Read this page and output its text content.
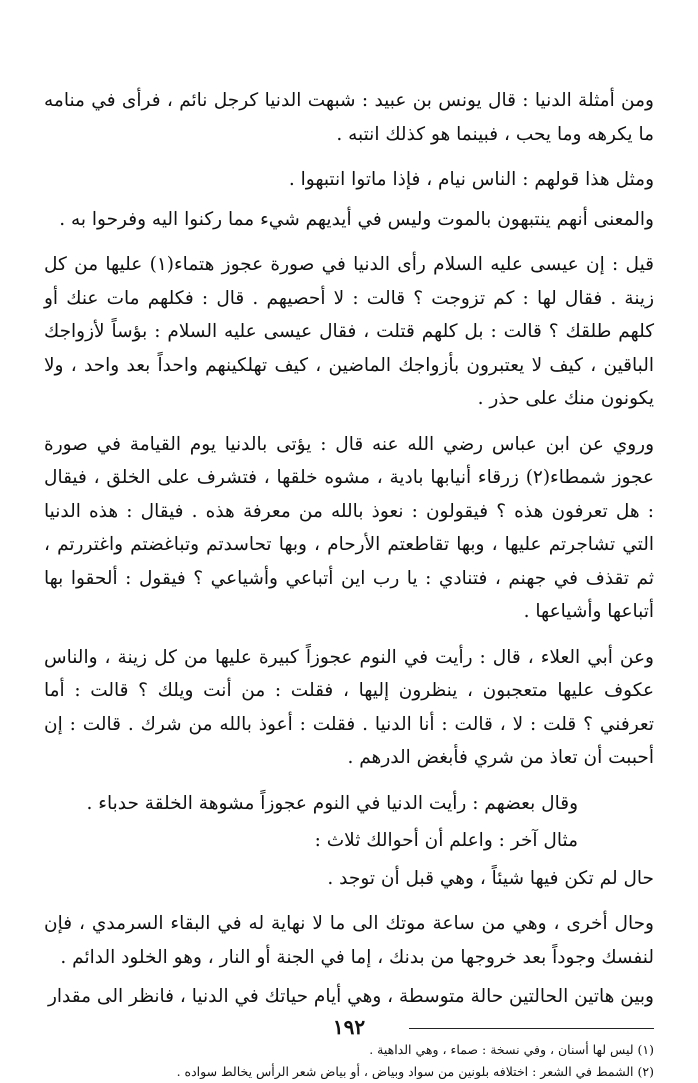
ومن أمثلة الدنيا : قال يونس بن عبيد : شبهت الدنيا كرجل نائم ، فرأى في منامه ما يكرهه وما يحب ، فبينما هو كذلك انتبه .

ومثل هذا قولهم : الناس نيام ، فإذا ماتوا انتبهوا .

والمعنى أنهم ينتبهون بالموت وليس في أيديهم شيء مما ركنوا اليه وفرحوا به .

قيل : إن عيسى عليه السلام رأى الدنيا في صورة عجوز هتماء(١) عليها من كل زينة . فقال لها : كم تزوجت ؟ قالت : لا أحصيهم . قال : فكلهم مات عنك أو كلهم طلقك ؟ قالت : بل كلهم قتلت ، فقال عيسى عليه السلام : بؤساً لأزواجك الباقين ، كيف لا يعتبرون بأزواجك الماضين ، كيف تهلكينهم واحداً بعد واحد ، ولا يكونون منك على حذر .

وروي عن ابن عباس رضي الله عنه قال : يؤتى بالدنيا يوم القيامة في صورة عجوز شمطاء(٢) زرقاء أنيابها بادية ، مشوه خلقها ، فتشرف على الخلق ، فيقال : هل تعرفون هذه ؟ فيقولون : نعوذ بالله من معرفة هذه . فيقال : هذه الدنيا التي تشاجرتم عليها ، وبها تقاطعتم الأرحام ، وبها تحاسدتم وتباغضتم واغتررتم ، ثم تقذف في جهنم ، فتنادي : يا رب اين أتباعي وأشياعي ؟ فيقول : ألحقوا بها أتباعها وأشياعها .

وعن أبي العلاء ، قال : رأيت في النوم عجوزاً كبيرة عليها من كل زينة ، والناس عكوف عليها متعجبون ، ينظرون إليها ، فقلت : من أنت ويلك ؟ قالت : أما تعرفني ؟ قلت : لا ، قالت : أنا الدنيا . فقلت : أعوذ بالله من شرك . قالت : إن أحببت أن تعاذ من شري فأبغض الدرهم .

وقال بعضهم : رأيت الدنيا في النوم عجوزاً مشوهة الخلقة حدباء .

مثال آخر : واعلم أن أحوالك ثلاث :

حال لم تكن فيها شيئاً ، وهي قبل أن توجد .

وحال أخرى ، وهي من ساعة موتك الى ما لا نهاية له في البقاء السرمدي ، فإن لنفسك وجوداً بعد خروجها من بدنك ، إما في الجنة أو النار ، وهو الخلود الدائم .

وبين هاتين الحالتين حالة متوسطة ، وهي أيام حياتك في الدنيا ، فانظر الى مقدار

(١) ليس لها أسنان ، وفي نسخة : صماء ، وهي الداهية .

(٢) الشمط في الشعر : اختلافه بلونين من سواد وبياض ، أو بياض شعر الرأس يخالط سواده .

١٩٢
